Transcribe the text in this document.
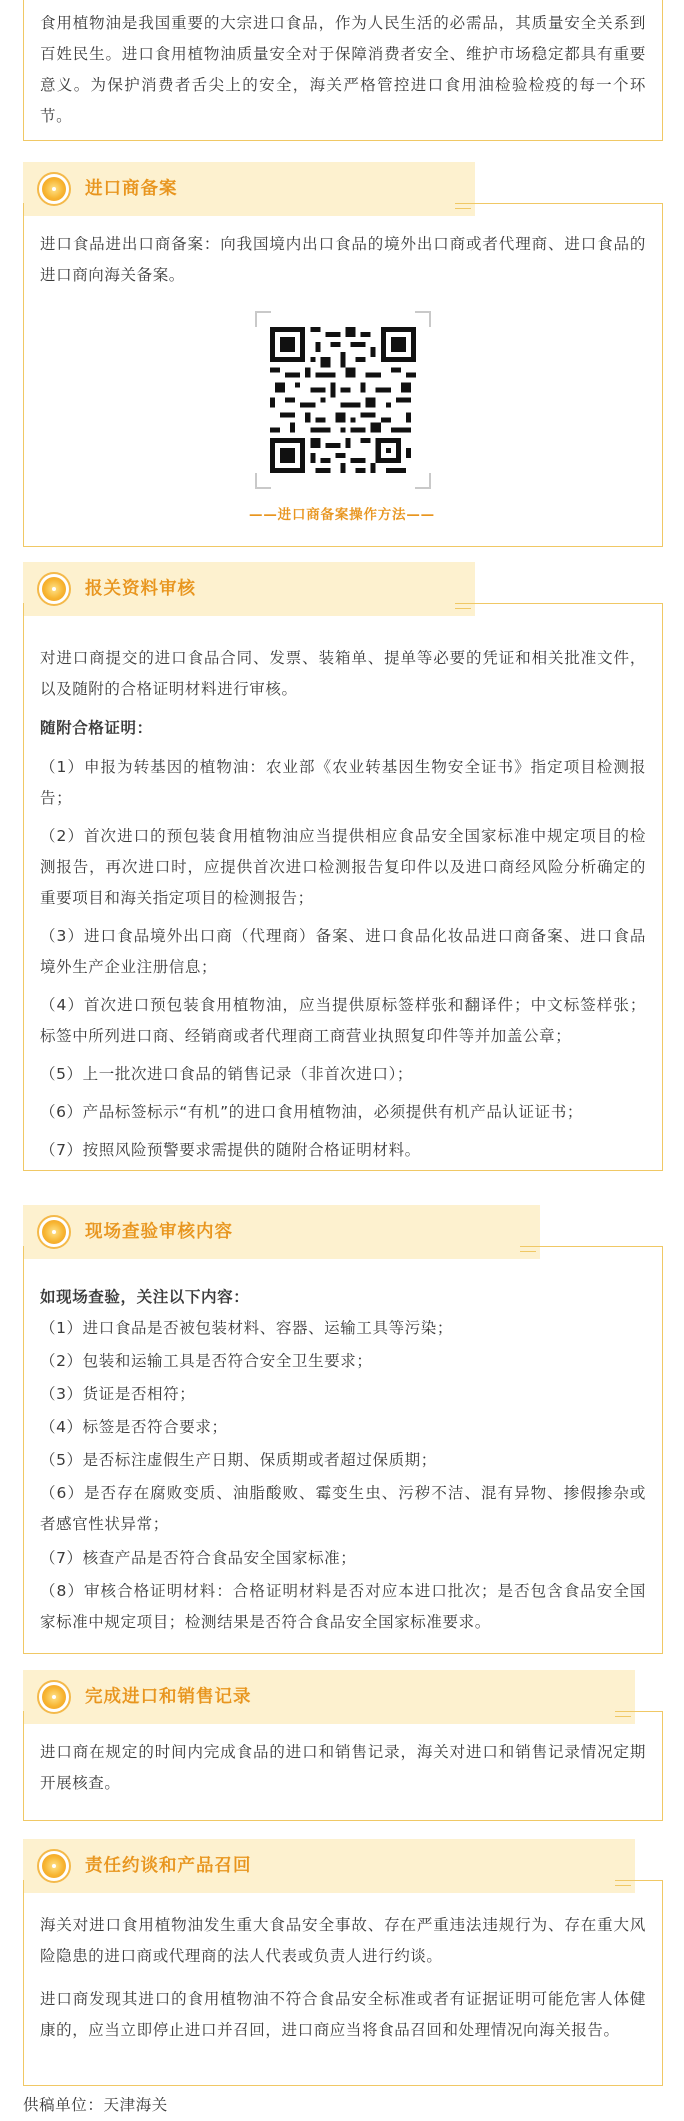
食用植物油是我国重要的大宗进口食品，作为人民生活的必需品，其质量安全关系到百姓民生。进口食用植物油质量安全对于保障消费者安全、维护市场稳定都具有重要意义。为保护消费者舌尖上的安全，海关严格管控进口食用油检验检疫的每一个环节。

进口商备案

进口食品进出口商备案：向我国境内出口食品的境外出口商或者代理商、进口食品的进口商向海关备案。

——进口商备案操作方法——
报关资料审核

对进口商提交的进口食品合同、发票、装箱单、提单等必要的凭证和相关批准文件，以及随附的合格证明材料进行审核。

随附合格证明：

（1）申报为转基因的植物油：农业部《农业转基因生物安全证书》指定项目检测报告；

（2）首次进口的预包装食用植物油应当提供相应食品安全国家标准中规定项目的检测报告，再次进口时，应提供首次进口检测报告复印件以及进口商经风险分析确定的重要项目和海关指定项目的检测报告；

（3）进口食品境外出口商（代理商）备案、进口食品化妆品进口商备案、进口食品境外生产企业注册信息；

（4）首次进口预包装食用植物油，应当提供原标签样张和翻译件；中文标签样张；标签中所列进口商、经销商或者代理商工商营业执照复印件等并加盖公章；

（5）上一批次进口食品的销售记录（非首次进口）；

（6）产品标签标示“有机”的进口食用植物油，必须提供有机产品认证证书；

（7）按照风险预警要求需提供的随附合格证明材料。

现场查验审核内容

如现场查验，关注以下内容：

（1）进口食品是否被包装材料、容器、运输工具等污染；

（2）包装和运输工具是否符合安全卫生要求；

（3）货证是否相符；

（4）标签是否符合要求；

（5）是否标注虚假生产日期、保质期或者超过保质期；

（6）是否存在腐败变质、油脂酸败、霉变生虫、污秽不洁、混有异物、掺假掺杂或者感官性状异常；

（7）核查产品是否符合食品安全国家标准；

（8）审核合格证明材料：合格证明材料是否对应本进口批次；是否包含食品安全国家标准中规定项目；检测结果是否符合食品安全国家标准要求。

完成进口和销售记录

进口商在规定的时间内完成食品的进口和销售记录，海关对进口和销售记录情况定期开展核查。

责任约谈和产品召回

海关对进口食用植物油发生重大食品安全事故、存在严重违法违规行为、存在重大风险隐患的进口商或代理商的法人代表或负责人进行约谈。

进口商发现其进口的食用植物油不符合食品安全标准或者有证据证明可能危害人体健康的，应当立即停止进口并召回，进口商应当将食品召回和处理情况向海关报告。

供稿单位：天津海关
